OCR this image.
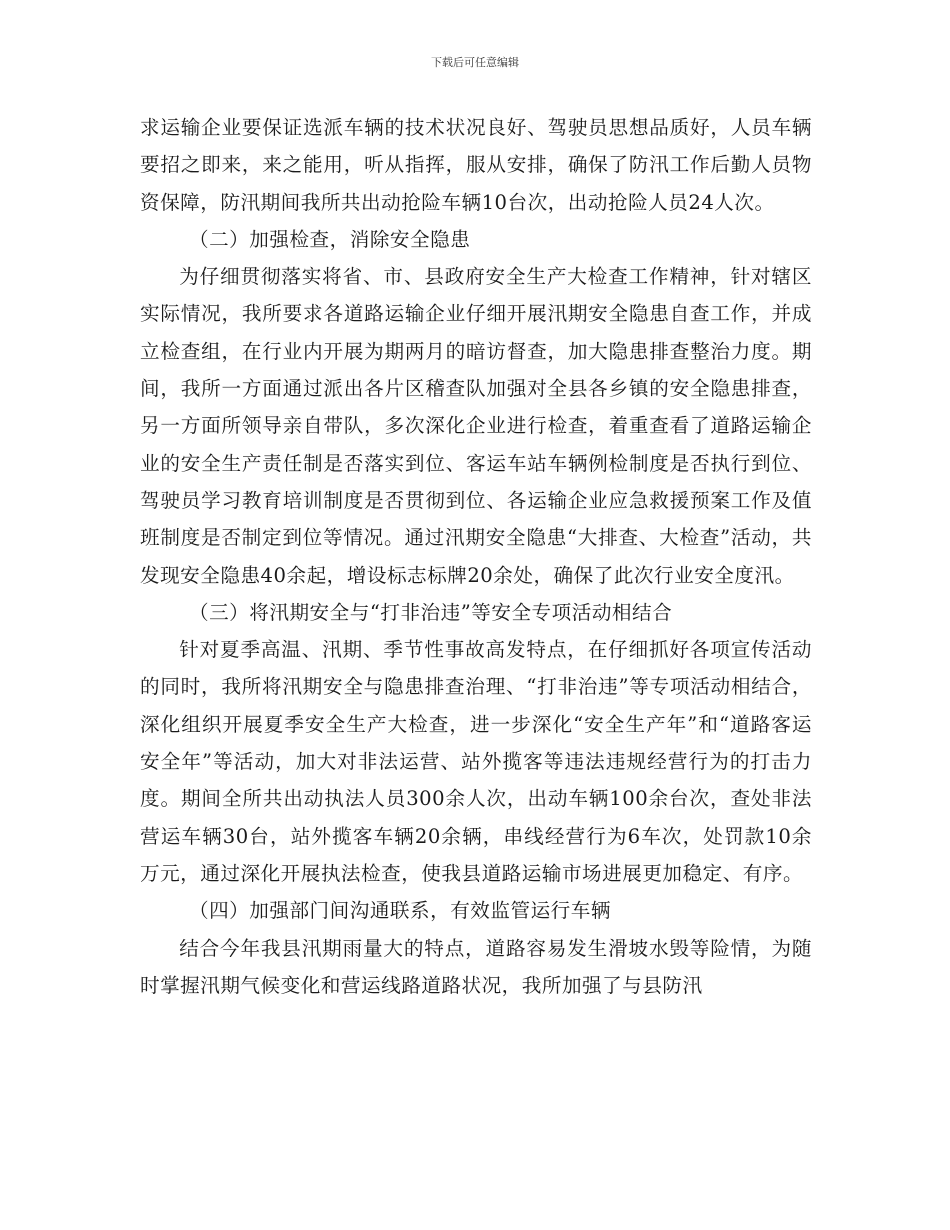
下载后可任意编辑

求运输企业要保证选派车辆的技术状况良好、驾驶员思想品质好，人员车辆要招之即来，来之能用，听从指挥，服从安排，确保了防汛工作后勤人员物资保障，防汛期间我所共出动抢险车辆10台次，出动抢险人员24人次。

（二）加强检查，消除安全隐患

为仔细贯彻落实将省、市、县政府安全生产大检查工作精神，针对辖区实际情况，我所要求各道路运输企业仔细开展汛期安全隐患自查工作，并成立检查组，在行业内开展为期两月的暗访督查，加大隐患排查整治力度。期间，我所一方面通过派出各片区稽查队加强对全县各乡镇的安全隐患排查，另一方面所领导亲自带队，多次深化企业进行检查，着重查看了道路运输企业的安全生产责任制是否落实到位、客运车站车辆例检制度是否执行到位、驾驶员学习教育培训制度是否贯彻到位、各运输企业应急救援预案工作及值班制度是否制定到位等情况。通过汛期安全隐患“大排查、大检查”活动，共发现安全隐患40余起，增设标志标牌20余处，确保了此次行业安全度汛。

（三）将汛期安全与“打非治违”等安全专项活动相结合

针对夏季高温、汛期、季节性事故高发特点，在仔细抓好各项宣传活动的同时，我所将汛期安全与隐患排查治理、“打非治违”等专项活动相结合，深化组织开展夏季安全生产大检查，进一步深化“安全生产年”和“道路客运安全年”等活动，加大对非法运营、站外揽客等违法违规经营行为的打击力度。期间全所共出动执法人员300余人次，出动车辆100余台次，查处非法营运车辆30台，站外揽客车辆20余辆，串线经营行为6车次，处罚款10余万元，通过深化开展执法检查，使我县道路运输市场进展更加稳定、有序。

（四）加强部门间沟通联系，有效监管运行车辆

结合今年我县汛期雨量大的特点，道路容易发生滑坡水毁等险情，为随时掌握汛期气候变化和营运线路道路状况，我所加强了与县防汛
